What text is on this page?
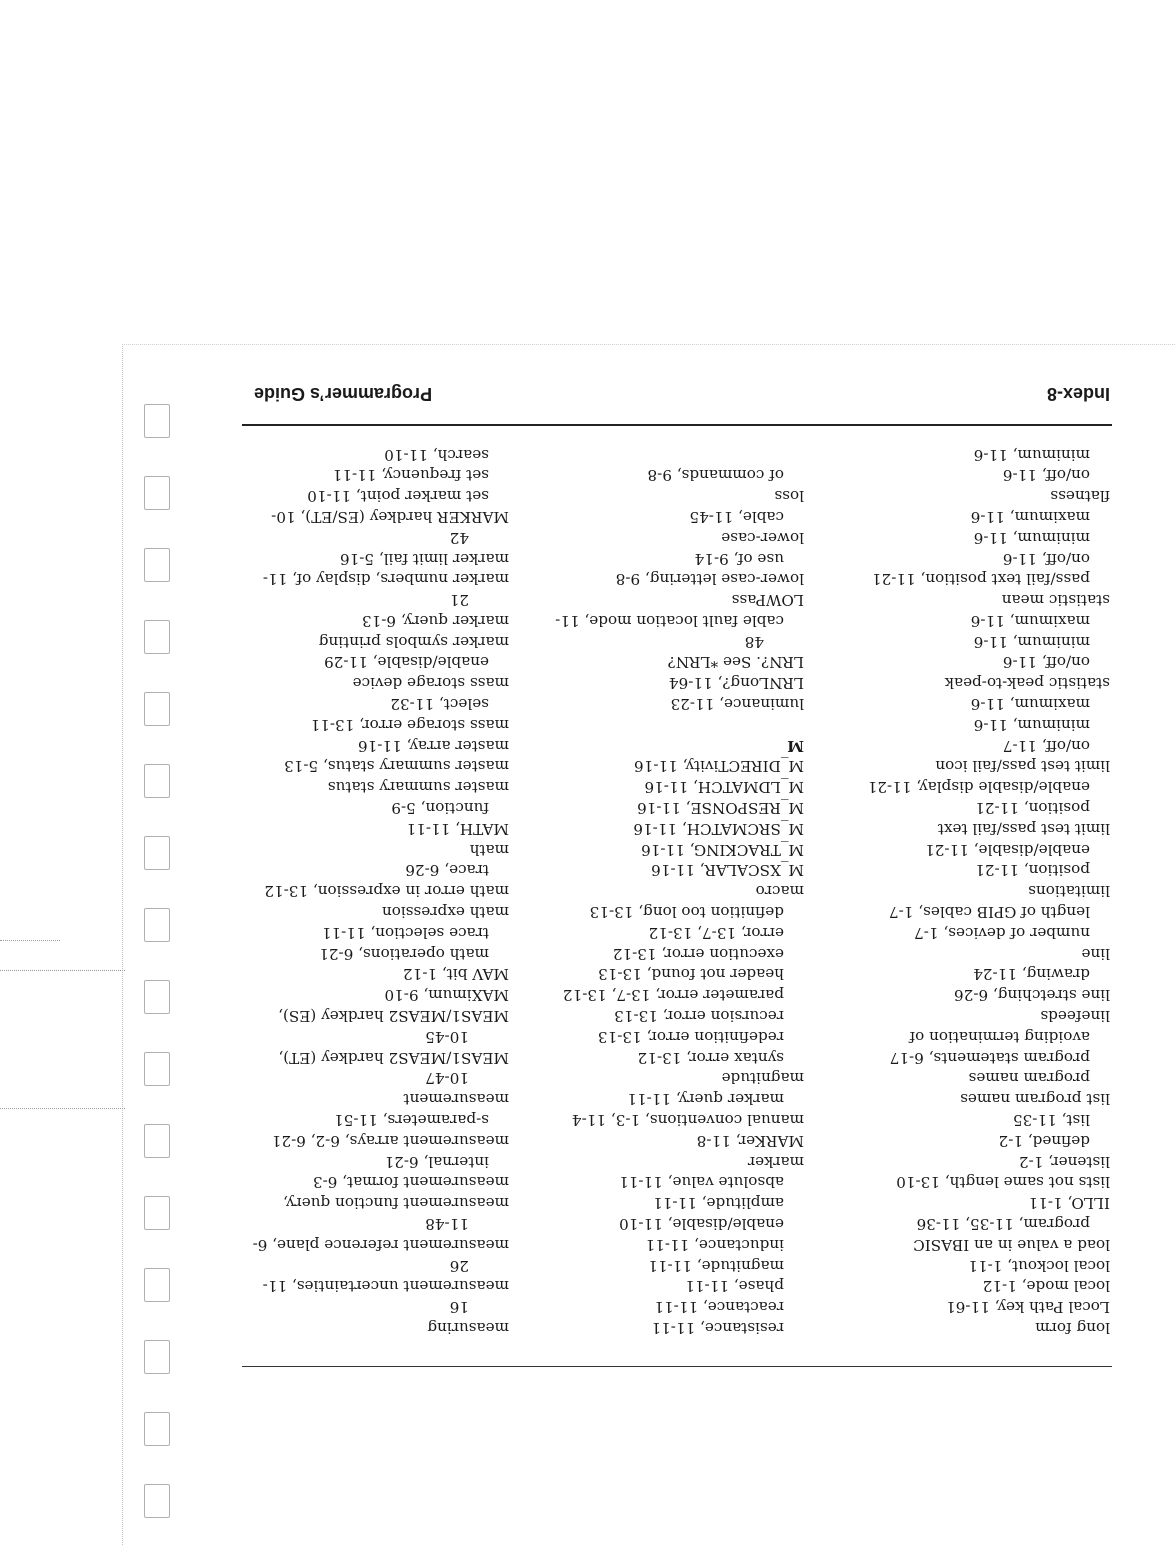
long form
Local Path key, 11-61
local mode, 1-12
local lockout, 1-11
load a value in an IBASIC
program, 11-35, 11-36
ILLO, 1-11
lists not same length, 13-10
listener, 1-2
defined, 1-2
list, 11-35
list program names
program names
program statements, 6-17
avoiding termination of
linefeeds
line stretching, 6-26
drawing, 11-24
line
number of devices, 1-7
length of GPIB cables, 1-7
limitations
position, 11-21
enable/disable, 11-21
limit test pass/fail text
position, 11-21
enable/disable display, 11-21
limit test pass/fail icon
on/off, 11-7
minimum, 11-6
maximum, 11-6
statistic peak-to-peak
on/off, 11-6
minimum, 11-6
maximum, 11-6
statistic mean
pass/fail text position, 11-21
on/off, 11-6
minimum, 11-6
maximum, 11-6
flatness
on/off, 11-6
minimum, 11-6
resistance, 11-11
reactance, 11-11
phase, 11-11
magnitude, 11-11
inductance, 11-11
enable/disable, 11-10
amplitude, 11-11
absolute value, 11-11
marker
MARKer, 11-8
manual conventions, 1-3, 11-4
marker query, 11-11
magnitude
syntax error, 13-12
redefinition error, 13-13
recursion error, 13-13
parameter error, 13-7, 13-12
header not found, 13-13
execution error, 13-12
error, 13-7, 13-12
definition too long, 13-13
macro
M_XSCALAR, 11-16
M_TRACKING, 11-16
M_SRCMATCH, 11-16
M_RESPONSE, 11-16
M_LDMATCH, 11-16
M_DIRECTivity, 11-16
M
luminance, 11-23
LRNLong?, 11-64
LRN?. See *LRN?
48
cable fault location mode, 11-
LOWPass
lower-case lettering, 9-8
use of, 9-14
lower-case
cable, 11-45
loss
of commands, 9-8
measuring
16
measurement uncertainties, 11-
26
measurement reference plane, 6-
11-48
measurement function query,
measurement format, 6-3
internal, 6-21
measurement arrays, 6-2, 6-21
s-parameters, 11-51
measurement
10-47
MEAS1/MEAS2 hardkey (ET),
10-45
MEAS1/MEAS2 hardkey (ES),
MAXimum, 9-10
MAV bit, 1-12
math operations, 6-21
trace selection, 11-11
math expression
math error in expression, 13-12
trace, 6-26
math
MATH, 11-11
function, 5-9
master summary status
master summary status, 5-13
master array, 11-16
mass storage error, 13-11
select, 11-32
mass storage device
enable/disable, 11-29
marker symbols printing
marker query, 6-13
21
marker numbers, display of, 11-
marker limit fail, 5-16
42
MARKER hardkey (ES/ET), 10-
set marker point, 11-10
set frequency, 11-11
search, 11-10
Index-8
Programmer’s Guide
